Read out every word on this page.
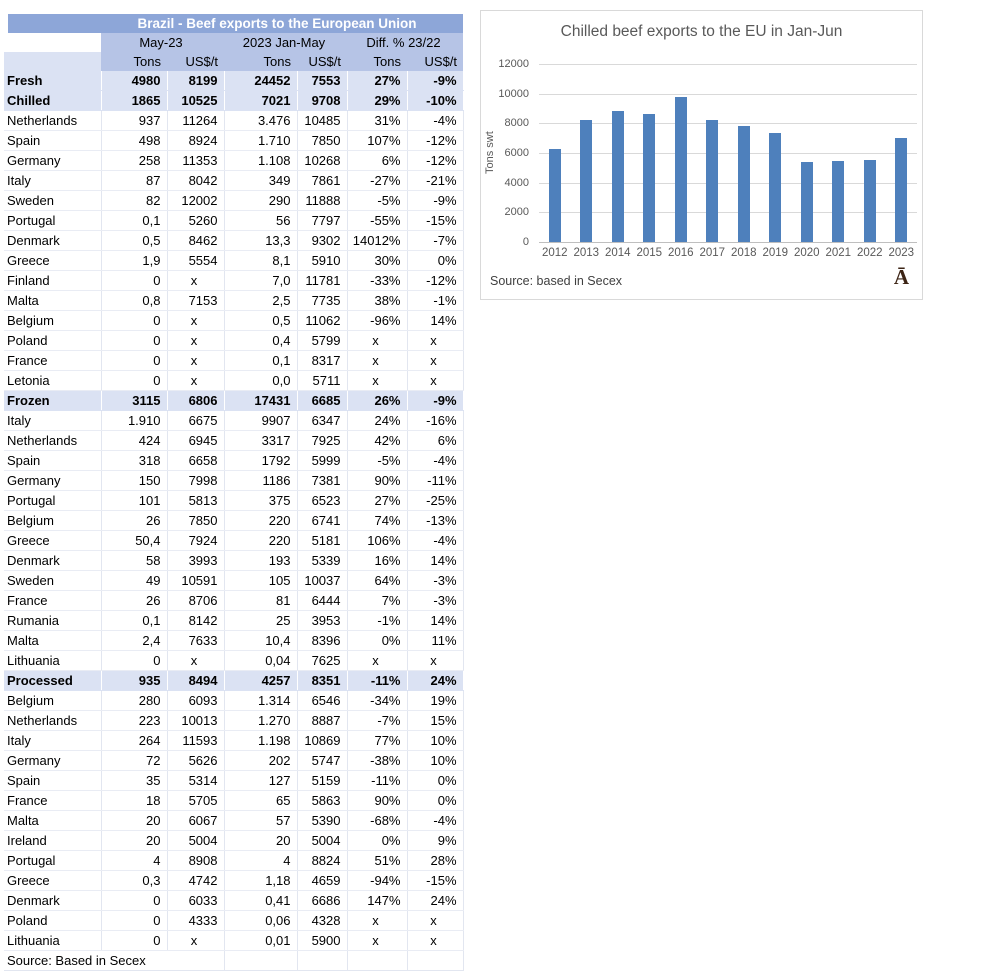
Brazil - Beef exports to the European Union						
	May-23		2023 Jan-May		Diff. % 23/22	
	Tons	US$/t	Tons	US$/t	Tons	US$/t
Fresh	4980	8199	24452	7553	27%	-9%
Chilled	1865	10525	7021	9708	29%	-10%
Netherlands	937	11264	3.476	10485	31%	-4%
Spain	498	8924	1.710	7850	107%	-12%
Germany	258	11353	1.108	10268	6%	-12%
Italy	87	8042	349	7861	-27%	-21%
Sweden	82	12002	290	11888	-5%	-9%
Portugal	0,1	5260	56	7797	-55%	-15%
Denmark	0,5	8462	13,3	9302	14012%	-7%
Greece	1,9	5554	8,1	5910	30%	0%
Finland	0	x	7,0	11781	-33%	-12%
Malta	0,8	7153	2,5	7735	38%	-1%
Belgium	0	x	0,5	11062	-96%	14%
Poland	0	x	0,4	5799	x	x
France	0	x	0,1	8317	x	x
Letonia	0	x	0,0	5711	x	x
Frozen	3115	6806	17431	6685	26%	-9%
Italy	1.910	6675	9907	6347	24%	-16%
Netherlands	424	6945	3317	7925	42%	6%
Spain	318	6658	1792	5999	-5%	-4%
Germany	150	7998	1186	7381	90%	-11%
Portugal	101	5813	375	6523	27%	-25%
Belgium	26	7850	220	6741	74%	-13%
Greece	50,4	7924	220	5181	106%	-4%
Denmark	58	3993	193	5339	16%	14%
Sweden	49	10591	105	10037	64%	-3%
France	26	8706	81	6444	7%	-3%
Rumania	0,1	8142	25	3953	-1%	14%
Malta	2,4	7633	10,4	8396	0%	11%
Lithuania	0	x	0,04	7625	x	x
Processed	935	8494	4257	8351	-11%	24%
Belgium	280	6093	1.314	6546	-34%	19%
Netherlands	223	10013	1.270	8887	-7%	15%
Italy	264	11593	1.198	10869	77%	10%
Germany	72	5626	202	5747	-38%	10%
Spain	35	5314	127	5159	-11%	0%
France	18	5705	65	5863	90%	0%
Malta	20	6067	57	5390	-68%	-4%
Ireland	20	5004	20	5004	0%	9%
Portugal	4	8908	4	8824	51%	28%
Greece	0,3	4742	1,18	4659	-94%	-15%
Denmark	0	6033	0,41	6686	147%	24%
Poland	0	4333	0,06	4328	x	x
Lithuania	0	x	0,01	5900	x	x
Source: Based in Secex						
Chilled beef exports to the EU in Jan-Jun
Tons swt
0
2000
4000
6000
8000
10000
12000
2012 2013 2014 2015 2016 2017 2018 2019 2020 2021 2022 2023
Source: based in Secex	Ā
